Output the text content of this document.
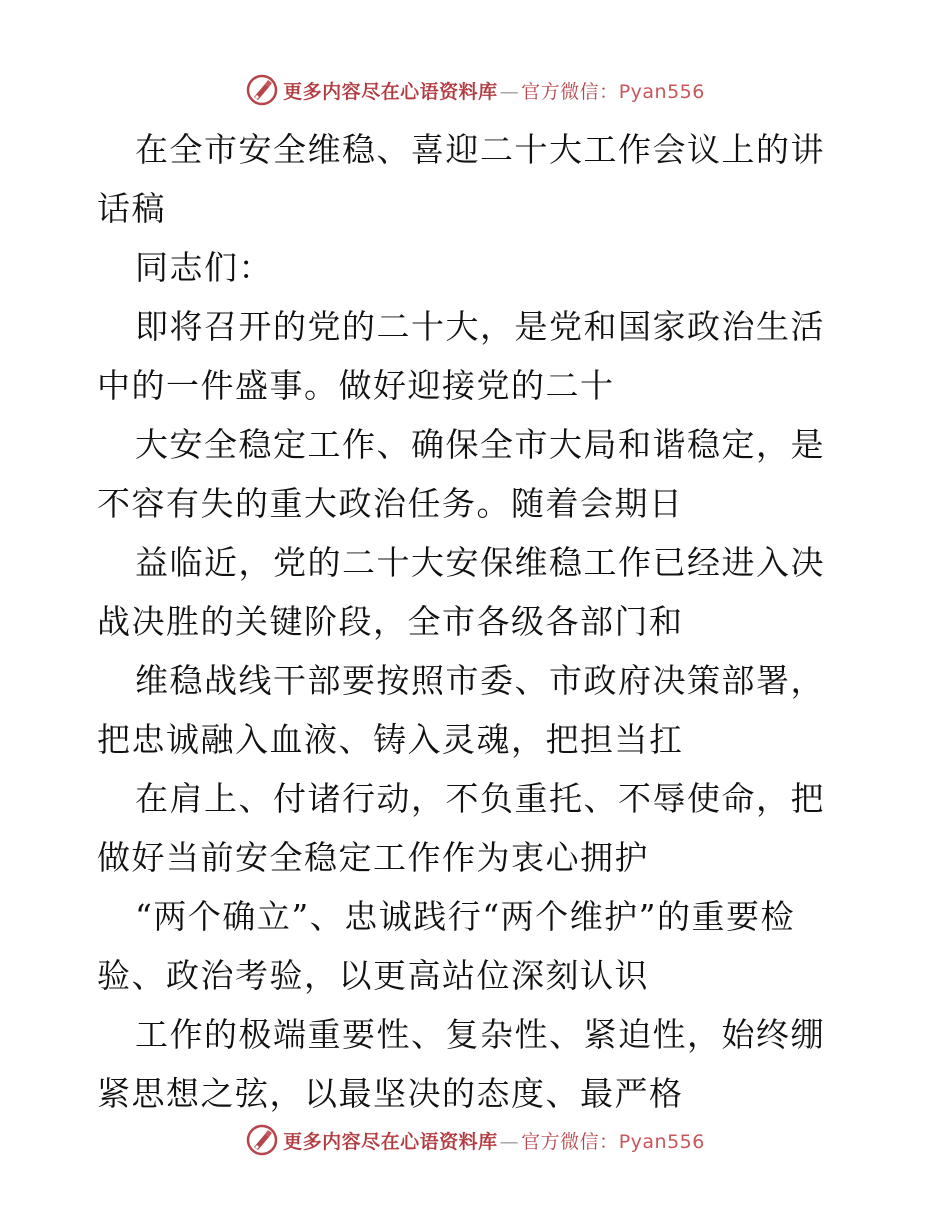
更多内容尽在心语资料库 — 官方微信：Pyan556

在全市安全维稳、喜迎二十大工作会议上的讲话稿

同志们：

即将召开的党的二十大，是党和国家政治生活中的一件盛事。做好迎接党的二十

大安全稳定工作、确保全市大局和谐稳定，是不容有失的重大政治任务。随着会期日

益临近，党的二十大安保维稳工作已经进入决战决胜的关键阶段，全市各级各部门和

维稳战线干部要按照市委、市政府决策部署，把忠诚融入血液、铸入灵魂，把担当扛

在肩上、付诸行动，不负重托、不辱使命，把做好当前安全稳定工作作为衷心拥护

“两个确立”、忠诚践行“两个维护”的重要检验、政治考验，以更高站位深刻认识

工作的极端重要性、复杂性、紧迫性，始终绷紧思想之弦，以最坚决的态度、最严格

更多内容尽在心语资料库 — 官方微信：Pyan556
